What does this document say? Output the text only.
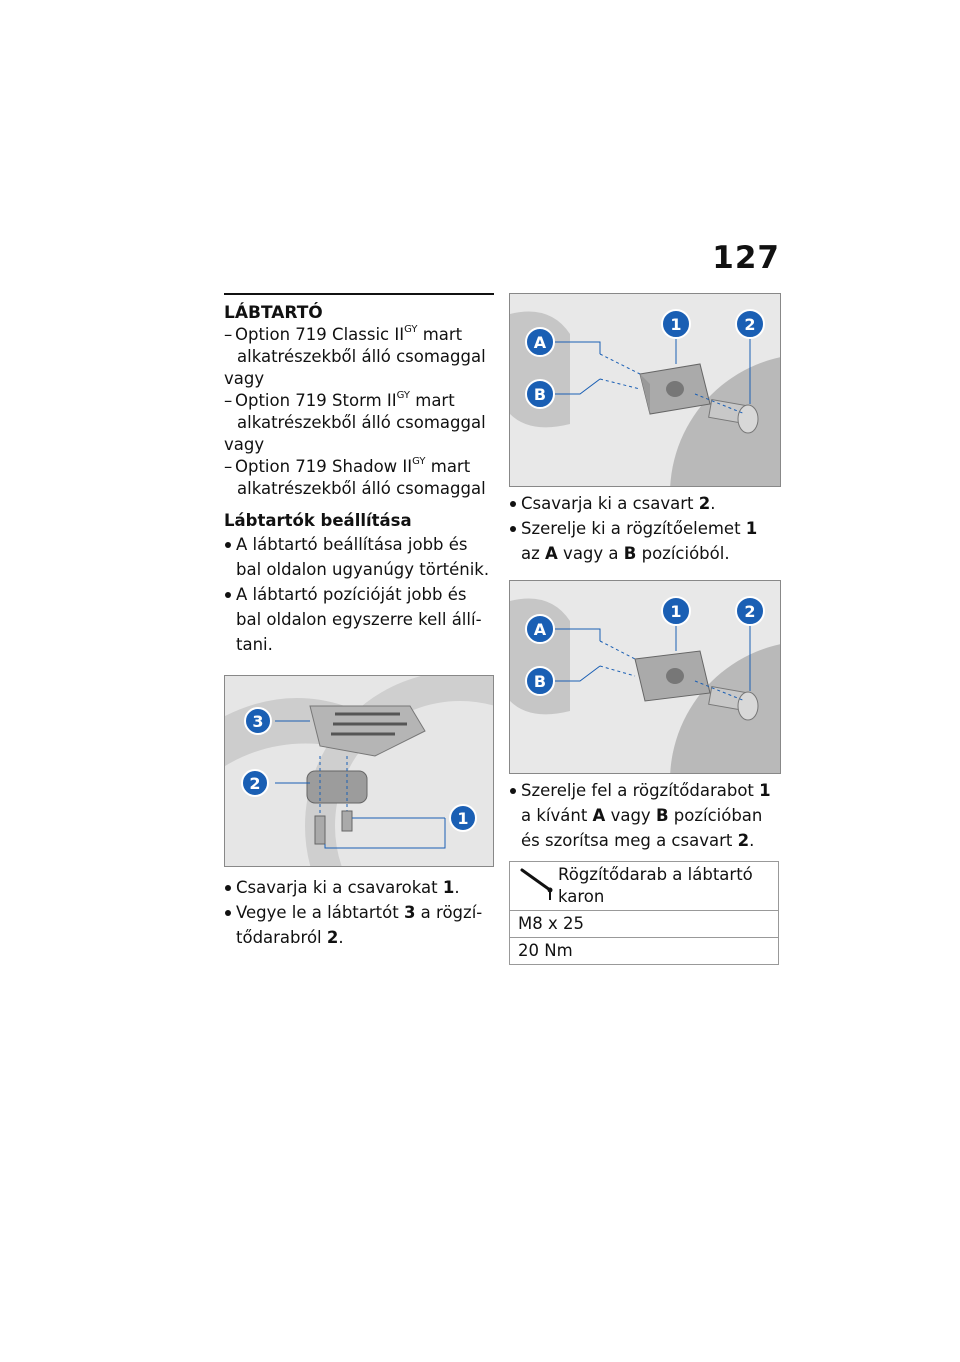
127
LÁBTARTÓ
– Option 719 Classic $II^{GY}$ mart
alkatrészekből álló csomaggal
vagy
– Option 719 Storm $II^{GY}$ mart
alkatrészekből álló csomaggal
vagy
– Option 719 Shadow $II^{GY}$ mart
alkatrészekből álló csomaggal
Lábtartók beállítása
A lábtartó beállítása jobb és bal oldalon ugyanúgy történik.
A lábtartó pozícióját jobb és bal oldalon egyszerre kell állítani.
3
2
1
Csavarja ki a csavarokat 1.
Vegye le a lábtartót 3 a rögzítődarabról 2.
A
B
1	2
Csavarja ki a csavart 2.
Szerelje ki a rögzítőelemet 1 az A vagy a B pozícióból.
A
B
1	2
Szerelje fel a rögzítődarabot 1 a kívánt A vagy B pozícióban és szorítsa meg a csavart 2.
Rögzítődarab a lábtartó karon

M8 x 25
20 Nm
